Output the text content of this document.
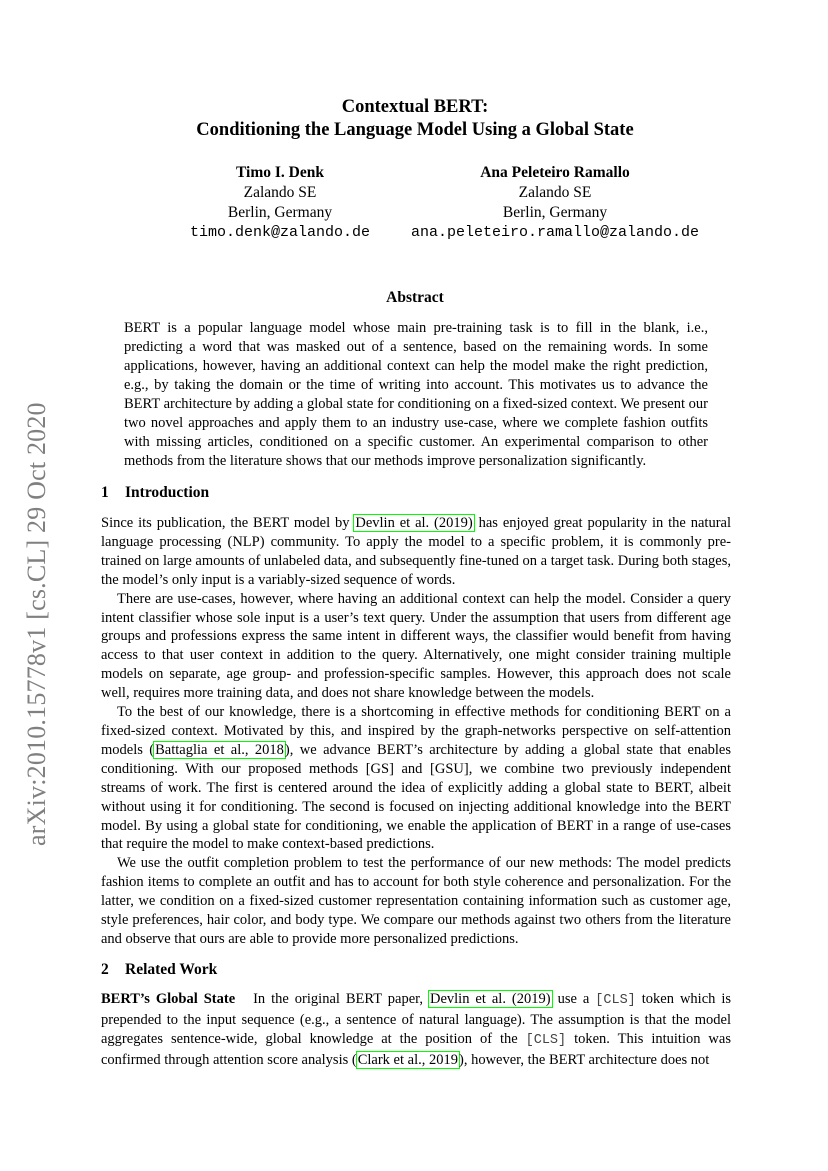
arXiv:2010.15778v1 [cs.CL] 29 Oct 2020
Contextual BERT:
Conditioning the Language Model Using a Global State
Timo I. Denk
Zalando SE
Berlin, Germany
timo.denk@zalando.de
Ana Peleteiro Ramallo
Zalando SE
Berlin, Germany
ana.peleteiro.ramallo@zalando.de
Abstract
BERT is a popular language model whose main pre-training task is to fill in the blank, i.e., predicting a word that was masked out of a sentence, based on the remaining words. In some applications, however, having an additional context can help the model make the right prediction, e.g., by taking the domain or the time of writing into account. This motivates us to advance the BERT architecture by adding a global state for conditioning on a fixed-sized context. We present our two novel approaches and apply them to an industry use-case, where we complete fashion outfits with missing articles, conditioned on a specific customer. An experimental comparison to other methods from the literature shows that our methods improve personalization significantly.
1 Introduction

Since its publication, the BERT model by Devlin et al. (2019) has enjoyed great popularity in the natural language processing (NLP) community. To apply the model to a specific problem, it is commonly pre-trained on large amounts of unlabeled data, and subsequently fine-tuned on a target task. During both stages, the model’s only input is a variably-sized sequence of words.

There are use-cases, however, where having an additional context can help the model. Consider a query intent classifier whose sole input is a user’s text query. Under the assumption that users from different age groups and professions express the same intent in different ways, the classifier would benefit from having access to that user context in addition to the query. Alternatively, one might consider training multiple models on separate, age group- and profession-specific samples. However, this approach does not scale well, requires more training data, and does not share knowledge between the models.

To the best of our knowledge, there is a shortcoming in effective methods for conditioning BERT on a fixed-sized context. Motivated by this, and inspired by the graph-networks perspective on self-attention models (Battaglia et al., 2018), we advance BERT’s architecture by adding a global state that enables conditioning. With our proposed methods [GS] and [GSU], we combine two previously independent streams of work. The first is centered around the idea of explicitly adding a global state to BERT, albeit without using it for conditioning. The second is focused on injecting additional knowledge into the BERT model. By using a global state for conditioning, we enable the application of BERT in a range of use-cases that require the model to make context-based predictions.

We use the outfit completion problem to test the performance of our new methods: The model predicts fashion items to complete an outfit and has to account for both style coherence and personalization. For the latter, we condition on a fixed-sized customer representation containing information such as customer age, style preferences, hair color, and body type. We compare our methods against two others from the literature and observe that ours are able to provide more personalized predictions.

2 Related Work

BERT’s Global State In the original BERT paper, Devlin et al. (2019) use a [CLS] token which is prepended to the input sequence (e.g., a sentence of natural language). The assumption is that the model aggregates sentence-wide, global knowledge at the position of the [CLS] token. This intuition was confirmed through attention score analysis (Clark et al., 2019), however, the BERT architecture does not
